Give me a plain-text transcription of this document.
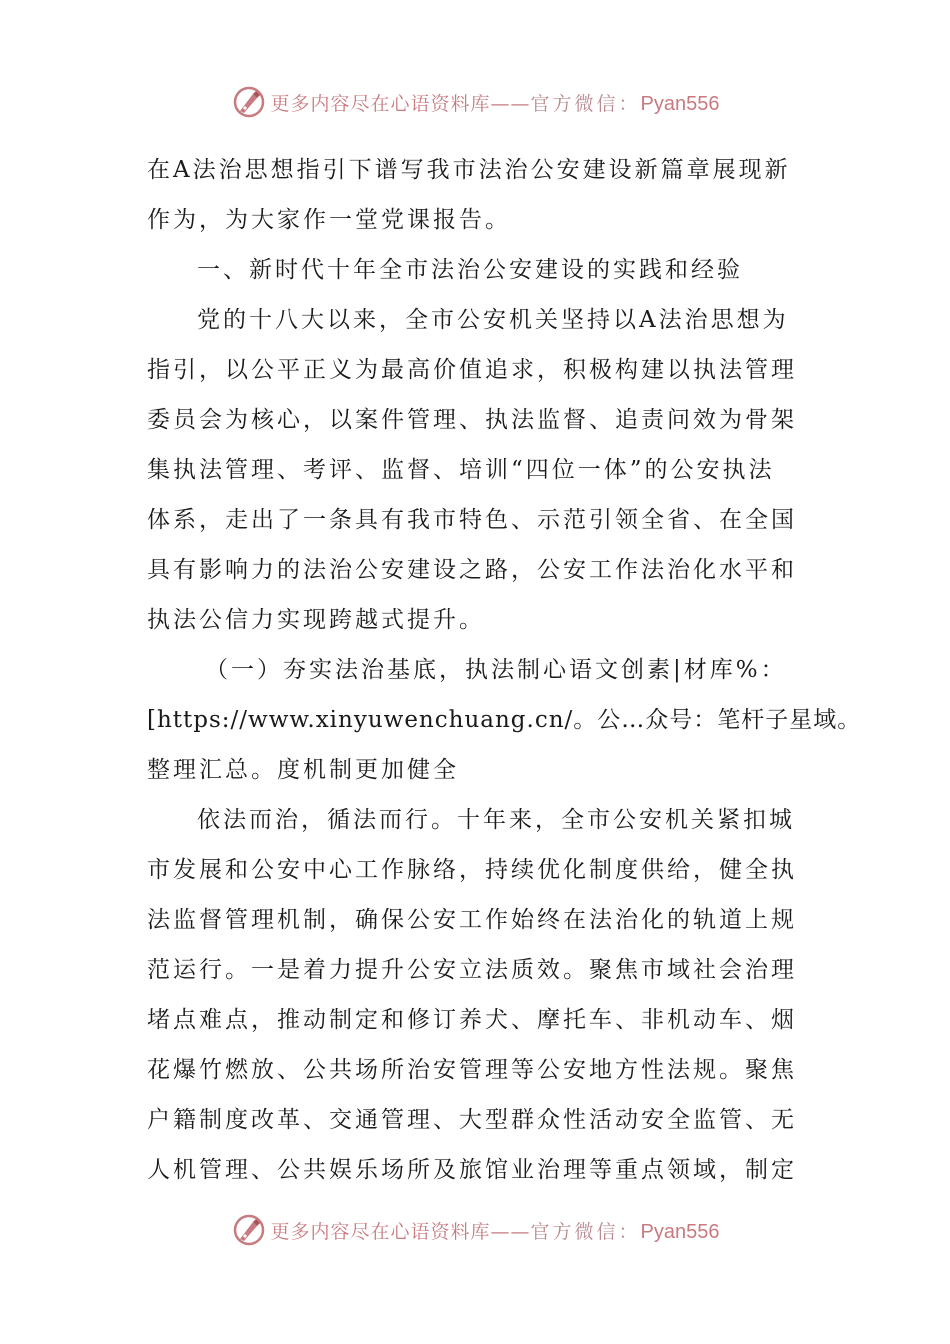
更多内容尽在心语资料库——官方微信：Pyan556
在A法治思想指引下谱写我市法治公安建设新篇章展现新
作为，为大家作一堂党课报告。
一、新时代十年全市法治公安建设的实践和经验
党的十八大以来，全市公安机关坚持以A法治思想为
指引，以公平正义为最高价值追求，积极构建以执法管理
委员会为核心，以案件管理、执法监督、追责问效为骨架
集执法管理、考评、监督、培训“四位一体”的公安执法
体系，走出了一条具有我市特色、示范引领全省、在全国
具有影响力的法治公安建设之路，公安工作法治化水平和
执法公信力实现跨越式提升。
（一）夯实法治基底，执法制心语文创素|材库%：
[https://www.xinyuwenchuang.cn/。公…众号：笔杆子星域。
整理汇总。度机制更加健全
依法而治，循法而行。十年来，全市公安机关紧扣城
市发展和公安中心工作脉络，持续优化制度供给，健全执
法监督管理机制，确保公安工作始终在法治化的轨道上规
范运行。一是着力提升公安立法质效。聚焦市域社会治理
堵点难点，推动制定和修订养犬、摩托车、非机动车、烟
花爆竹燃放、公共场所治安管理等公安地方性法规。聚焦
户籍制度改革、交通管理、大型群众性活动安全监管、无
人机管理、公共娱乐场所及旅馆业治理等重点领域，制定
更多内容尽在心语资料库——官方微信：Pyan556
